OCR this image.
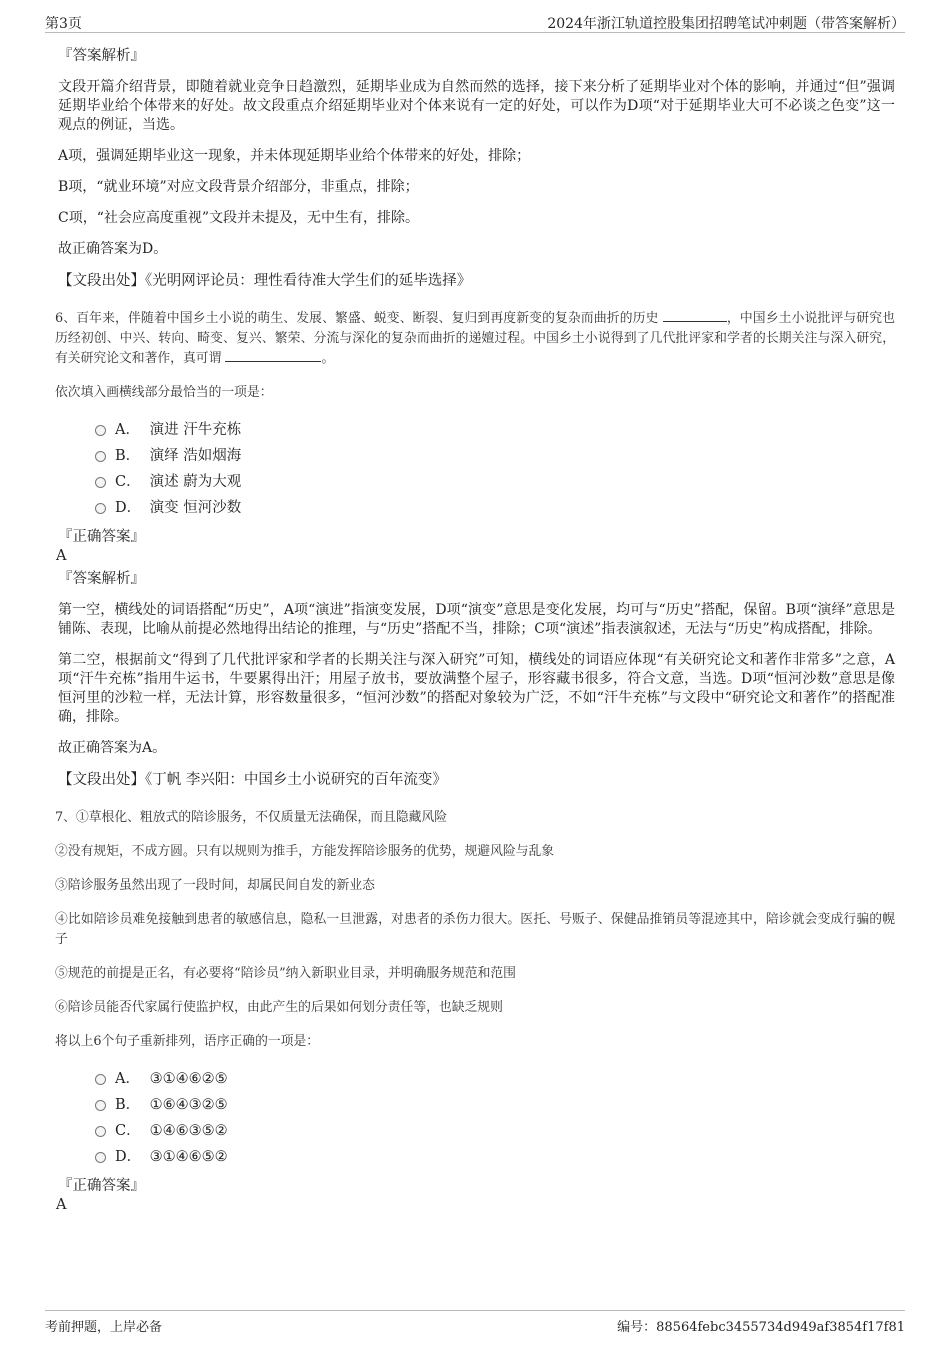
第3页	2024年浙江轨道控股集团招聘笔试冲刺题（带答案解析）
『答案解析』
文段开篇介绍背景，即随着就业竞争日趋激烈，延期毕业成为自然而然的选择，接下来分析了延期毕业对个体的影响，并通过“但”强调延期毕业给个体带来的好处。故文段重点介绍延期毕业对个体来说有一定的好处，可以作为D项“对于延期毕业大可不必谈之色变”这一观点的例证，当选。
A项，强调延期毕业这一现象，并未体现延期毕业给个体带来的好处，排除；
B项，“就业环境”对应文段背景介绍部分，非重点，排除；
C项，“社会应高度重视”文段并未提及，无中生有，排除。
故正确答案为D。
【文段出处】《光明网评论员：理性看待准大学生们的延毕选择》
6、百年来，伴随着中国乡土小说的萌生、发展、繁盛、蜕变、断裂、复归到再度新变的复杂而曲折的历史	，中国乡土小说批评与研究也历经初创、中兴、转向、畸变、复兴、繁荣、分流与深化的复杂而曲折的递嬗过程。中国乡土小说得到了几代批评家和学者的长期关注与深入研究，有关研究论文和著作，真可谓	。
依次填入画横线部分最恰当的一项是：
A． 演进 汗牛充栋
B． 演绎 浩如烟海
C． 演述 蔚为大观
D． 演变 恒河沙数
『正确答案』
A
『答案解析』
第一空，横线处的词语搭配“历史”，A项“演进”指演变发展，D项“演变”意思是变化发展，均可与“历史”搭配，保留。B项“演绎”意思是铺陈、表现，比喻从前提必然地得出结论的推理，与“历史”搭配不当，排除；C项“演述”指表演叙述，无法与“历史”构成搭配，排除。
第二空，根据前文“得到了几代批评家和学者的长期关注与深入研究”可知，横线处的词语应体现“有关研究论文和著作非常多”之意，A项“汗牛充栋”指用牛运书，牛要累得出汗；用屋子放书，要放满整个屋子，形容藏书很多，符合文意，当选。D项“恒河沙数”意思是像恒河里的沙粒一样，无法计算，形容数量很多，“恒河沙数”的搭配对象较为广泛，不如“汗牛充栋”与文段中“研究论文和著作”的搭配准确，排除。
故正确答案为A。
【文段出处】《丁帆 李兴阳：中国乡土小说研究的百年流变》
7、①草根化、粗放式的陪诊服务，不仅质量无法确保，而且隐藏风险
②没有规矩，不成方圆。只有以规则为推手，方能发挥陪诊服务的优势，规避风险与乱象
③陪诊服务虽然出现了一段时间，却属民间自发的新业态
④比如陪诊员难免接触到患者的敏感信息，隐私一旦泄露，对患者的杀伤力很大。医托、号贩子、保健品推销员等混迹其中，陪诊就会变成行骗的幌子
⑤规范的前提是正名，有必要将“陪诊员”纳入新职业目录，并明确服务规范和范围
⑥陪诊员能否代家属行使监护权，由此产生的后果如何划分责任等，也缺乏规则
将以上6个句子重新排列，语序正确的一项是：
A． ③①④⑥②⑤
B． ①⑥④③②⑤
C． ①④⑥③⑤②
D． ③①④⑥⑤②
『正确答案』
A
考前押题，上岸必备	编号：88564febc3455734d949af3854f17f81
